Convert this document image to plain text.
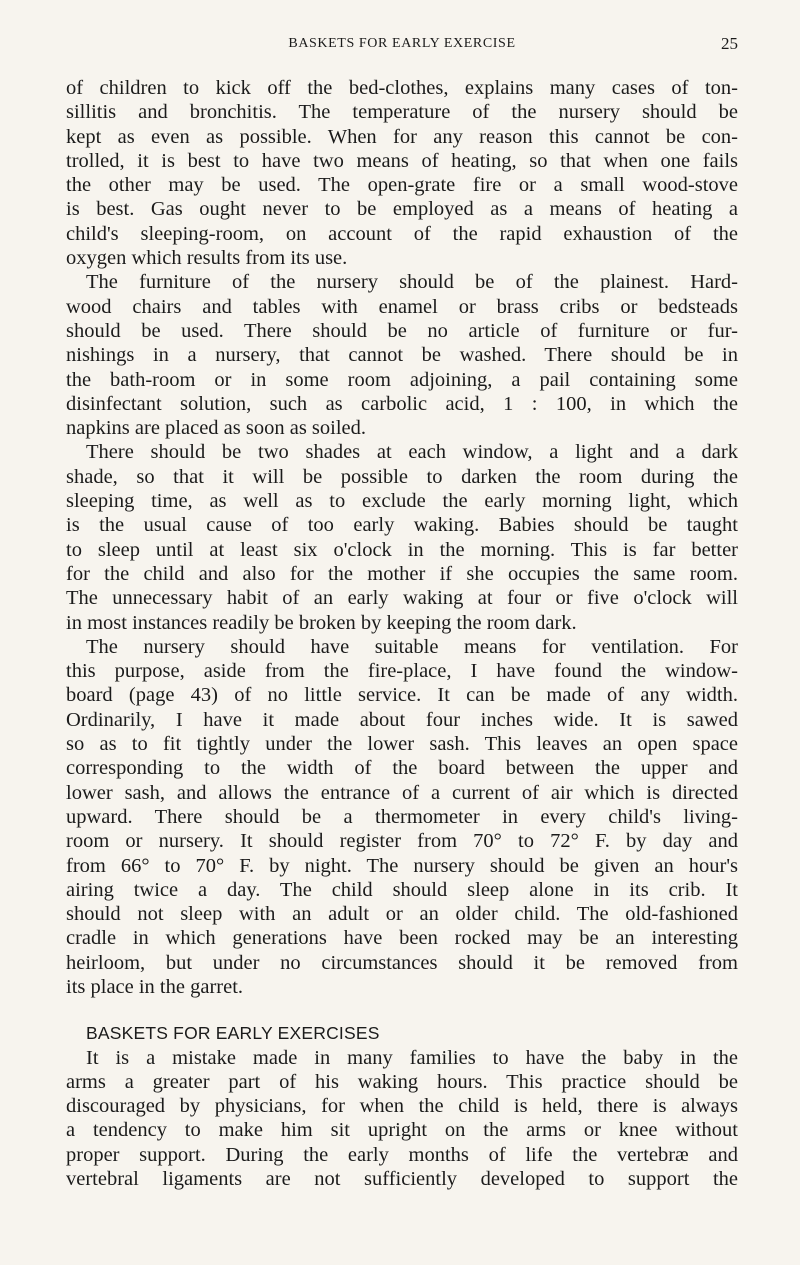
BASKETS FOR EARLY EXERCISE	25
of children to kick off the bed-clothes, explains many cases of ton-
sillitis and bronchitis. The temperature of the nursery should be
kept as even as possible. When for any reason this cannot be con-
trolled, it is best to have two means of heating, so that when one fails
the other may be used. The open-grate fire or a small wood-stove
is best. Gas ought never to be employed as a means of heating a
child's sleeping-room, on account of the rapid exhaustion of the
oxygen which results from its use.
The furniture of the nursery should be of the plainest. Hard-
wood chairs and tables with enamel or brass cribs or bedsteads
should be used. There should be no article of furniture or fur-
nishings in a nursery, that cannot be washed. There should be in
the bath-room or in some room adjoining, a pail containing some
disinfectant solution, such as carbolic acid, 1 : 100, in which the
napkins are placed as soon as soiled.
There should be two shades at each window, a light and a dark
shade, so that it will be possible to darken the room during the
sleeping time, as well as to exclude the early morning light, which
is the usual cause of too early waking. Babies should be taught
to sleep until at least six o'clock in the morning. This is far better
for the child and also for the mother if she occupies the same room.
The unnecessary habit of an early waking at four or five o'clock will
in most instances readily be broken by keeping the room dark.
The nursery should have suitable means for ventilation. For
this purpose, aside from the fire-place, I have found the window-
board (page 43) of no little service. It can be made of any width.
Ordinarily, I have it made about four inches wide. It is sawed
so as to fit tightly under the lower sash. This leaves an open space
corresponding to the width of the board between the upper and
lower sash, and allows the entrance of a current of air which is directed
upward. There should be a thermometer in every child's living-
room or nursery. It should register from 70° to 72° F. by day and
from 66° to 70° F. by night. The nursery should be given an hour's
airing twice a day. The child should sleep alone in its crib. It
should not sleep with an adult or an older child. The old-fashioned
cradle in which generations have been rocked may be an interesting
heirloom, but under no circumstances should it be removed from
its place in the garret.
BASKETS FOR EARLY EXERCISES
It is a mistake made in many families to have the baby in the
arms a greater part of his waking hours. This practice should be
discouraged by physicians, for when the child is held, there is always
a tendency to make him sit upright on the arms or knee without
proper support. During the early months of life the vertebræ and
vertebral ligaments are not sufficiently developed to support the
